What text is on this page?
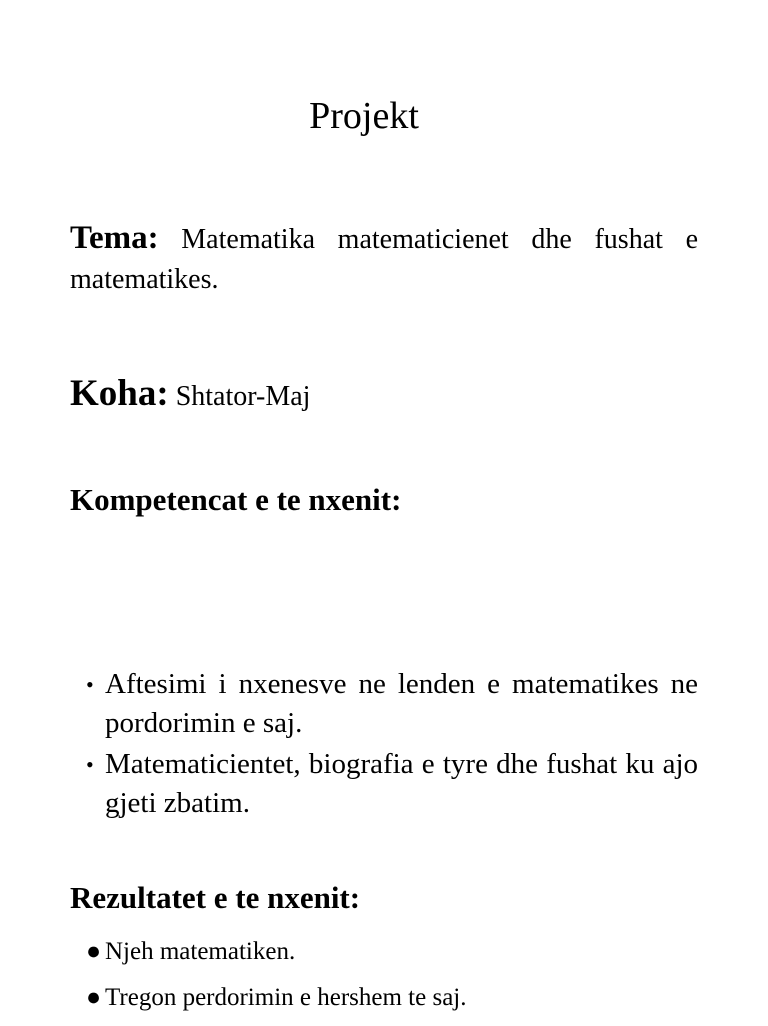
Projekt
Tema: Matematika matematicienet dhe fushat e matematikes.
Koha: Shtator-Maj
Kompetencat e te nxenit:
• Aftesimi i nxenesve ne lenden e matematikes ne pordorimin e saj.
• Matematicientet, biografia e tyre dhe fushat ku ajo gjeti zbatim.
Rezultatet e te nxenit:
● Njeh matematiken.
● Tregon perdorimin e hershem te saj.
